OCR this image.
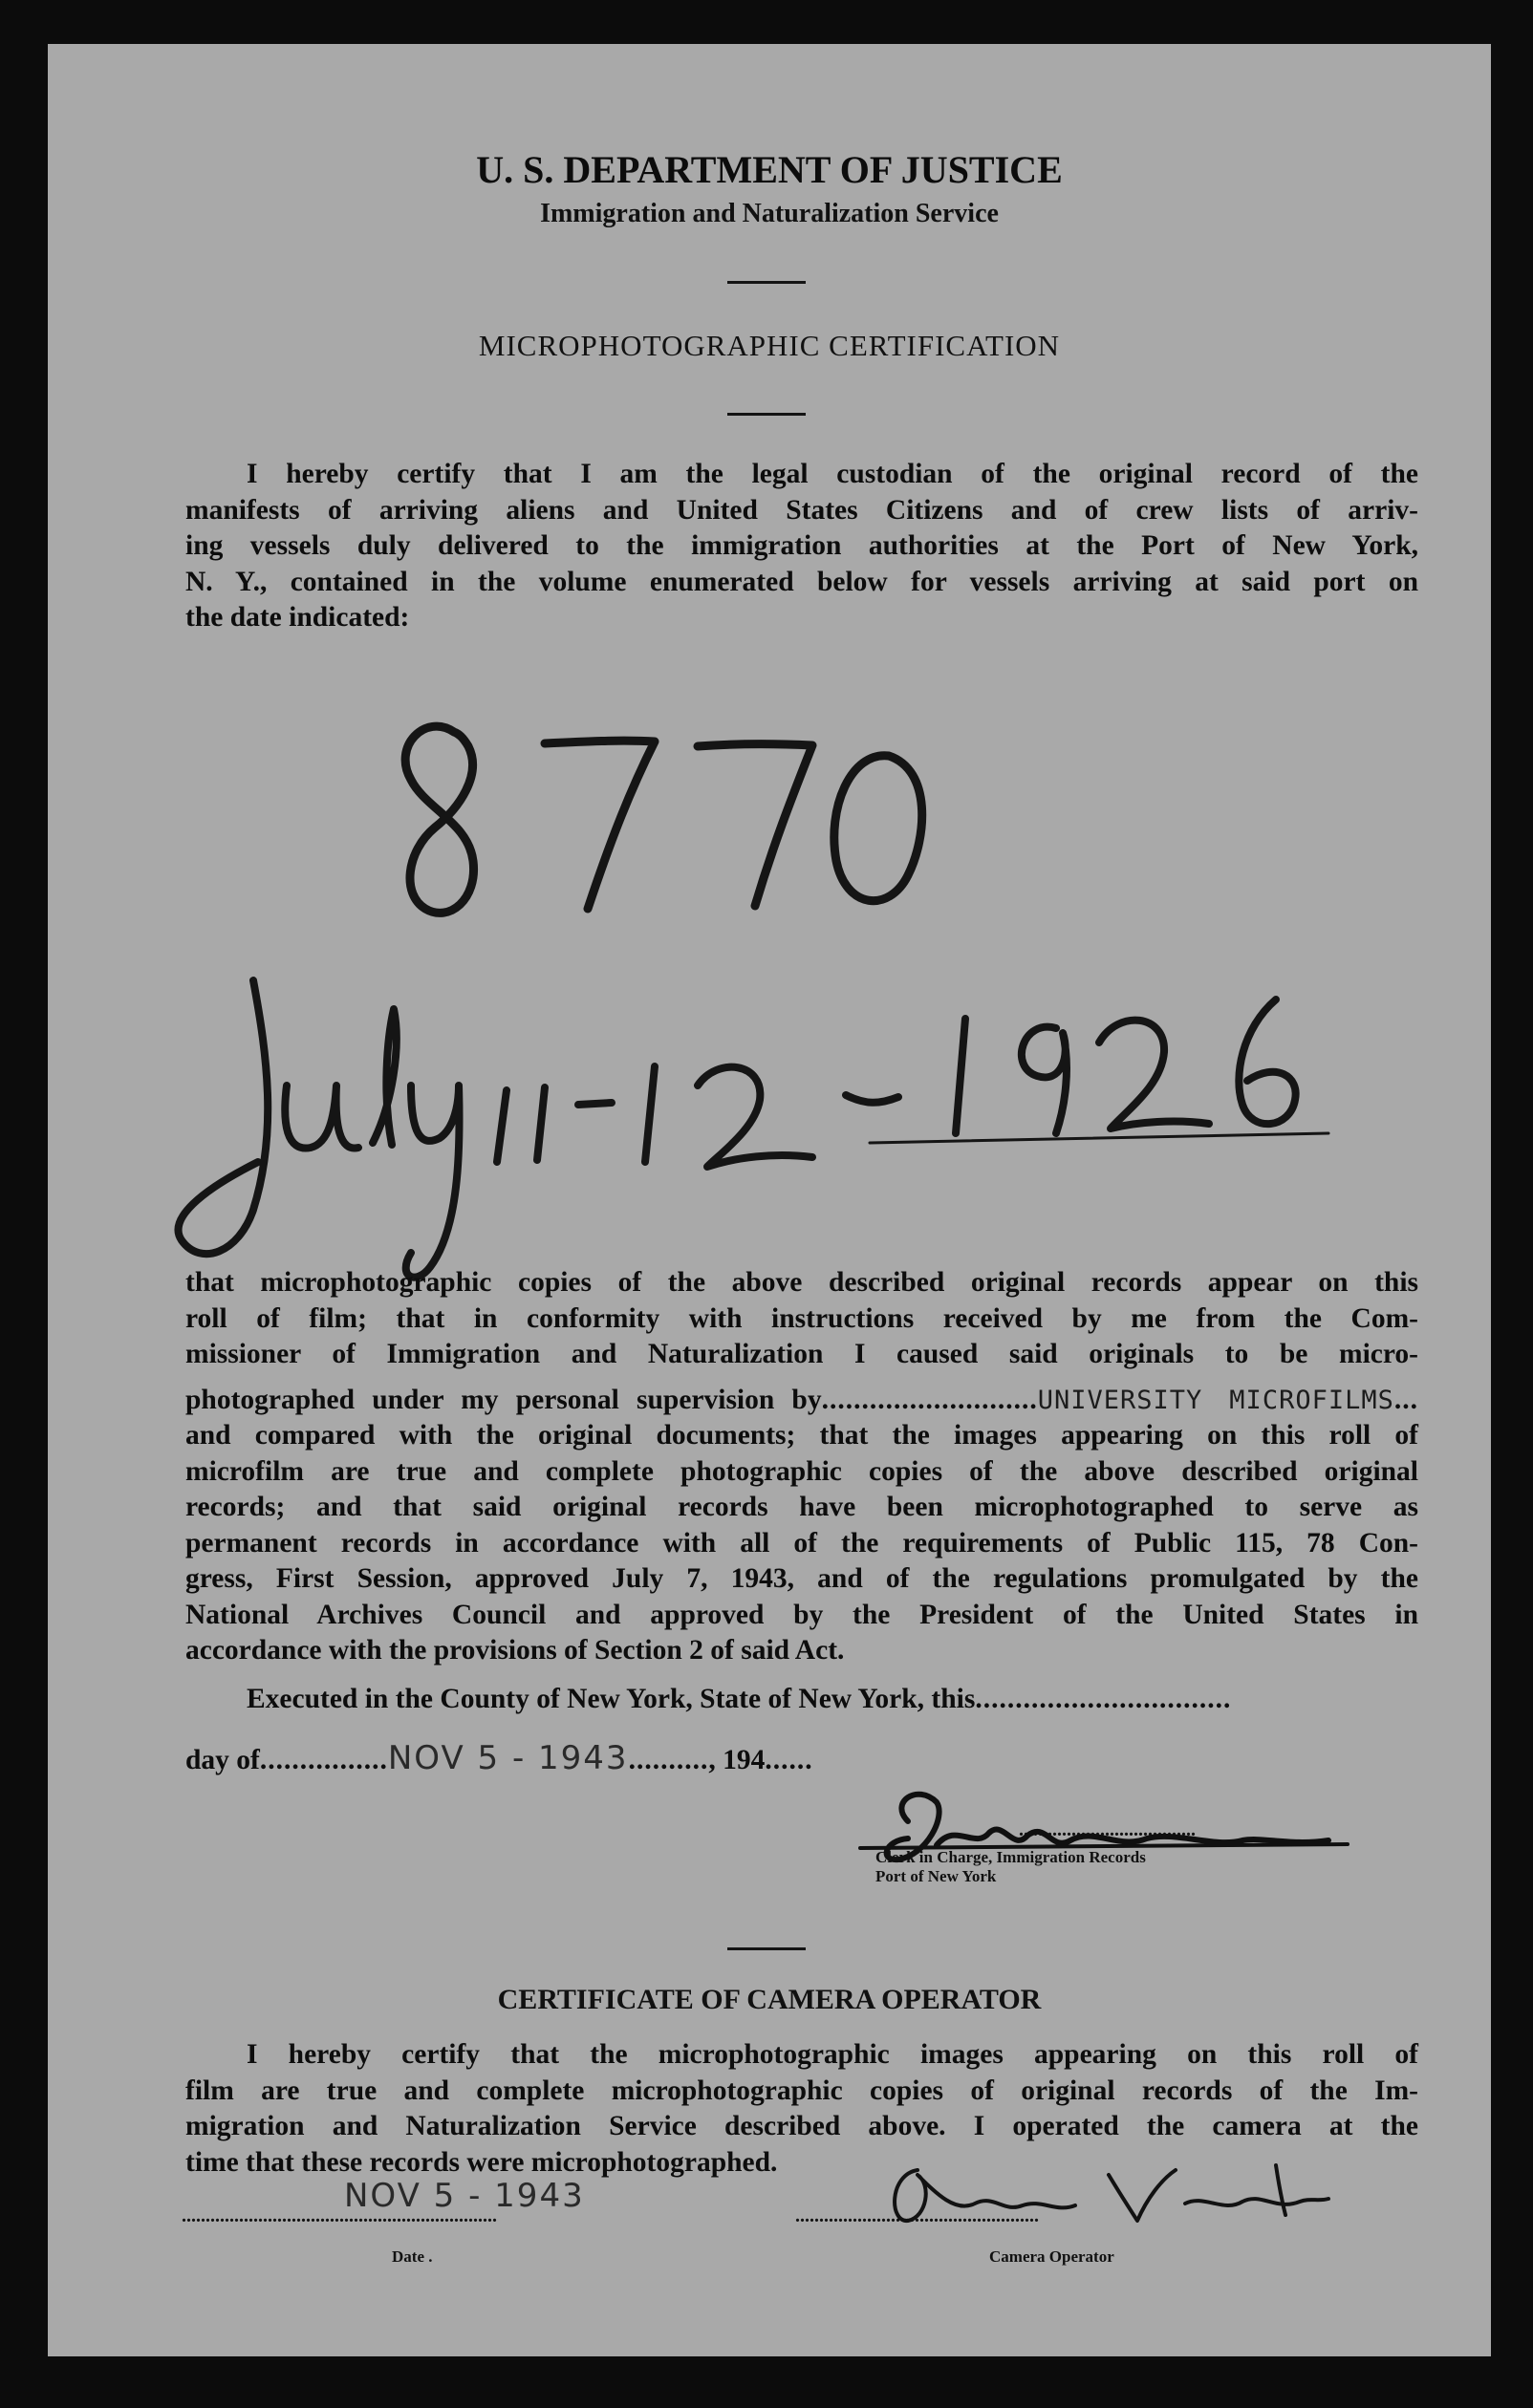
U. S. DEPARTMENT OF JUSTICE
Immigration and Naturalization Service
MICROPHOTOGRAPHIC CERTIFICATION
I hereby certify that I am the legal custodian of the original record of the
manifests of arriving aliens and United States Citizens and of crew lists of arriv-
ing vessels duly delivered to the immigration authorities at the Port of New York,
N. Y., contained in the volume enumerated below for vessels arriving at said port on
the date indicated:
that microphotographic copies of the above described original records appear on this
roll of film; that in conformity with instructions received by me from the Com-
missioner of Immigration and Naturalization I caused said originals to be micro-
photographed under my personal supervision by...........................UNIVERSITY MICROFILMS...
and compared with the original documents; that the images appearing on this roll of
microfilm are true and complete photographic copies of the above described original
records; and that said original records have been microphotographed to serve as
permanent records in accordance with all of the requirements of Public 115, 78 Con-
gress, First Session, approved July 7, 1943, and of the regulations promulgated by the
National Archives Council and approved by the President of the United States in
accordance with the provisions of Section 2 of said Act.
Executed in the County of New York, State of New York, this................................
day of................NOV 5 - 1943.........., 194......
.....................................
Clerk in Charge, Immigration Records
Port of New York
CERTIFICATE OF CAMERA OPERATOR
I hereby certify that the microphotographic images appearing on this roll of
film are true and complete microphotographic copies of original records of the Im-
migration and Naturalization Service described above. I operated the camera at the
time that these records were microphotographed.
NOV 5 - 1943
..................................................................
Date .
...................................................
Camera Operator
